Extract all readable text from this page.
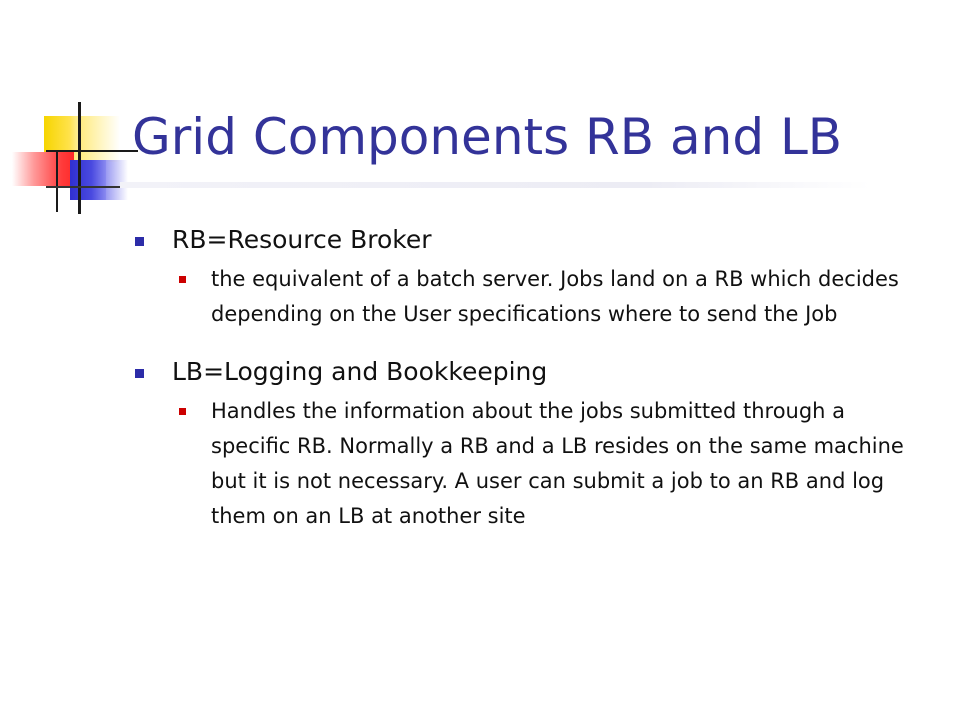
Grid Components RB and LB
RB=Resource Broker
the equivalent of a batch server. Jobs land on a RB which decides depending on the User specifications where to send the Job
LB=Logging and Bookkeeping
Handles the information about the jobs submitted through a specific RB. Normally a RB and a LB resides on the same machine but it is not necessary. A user can submit a job to an RB and log them on an LB at another site
